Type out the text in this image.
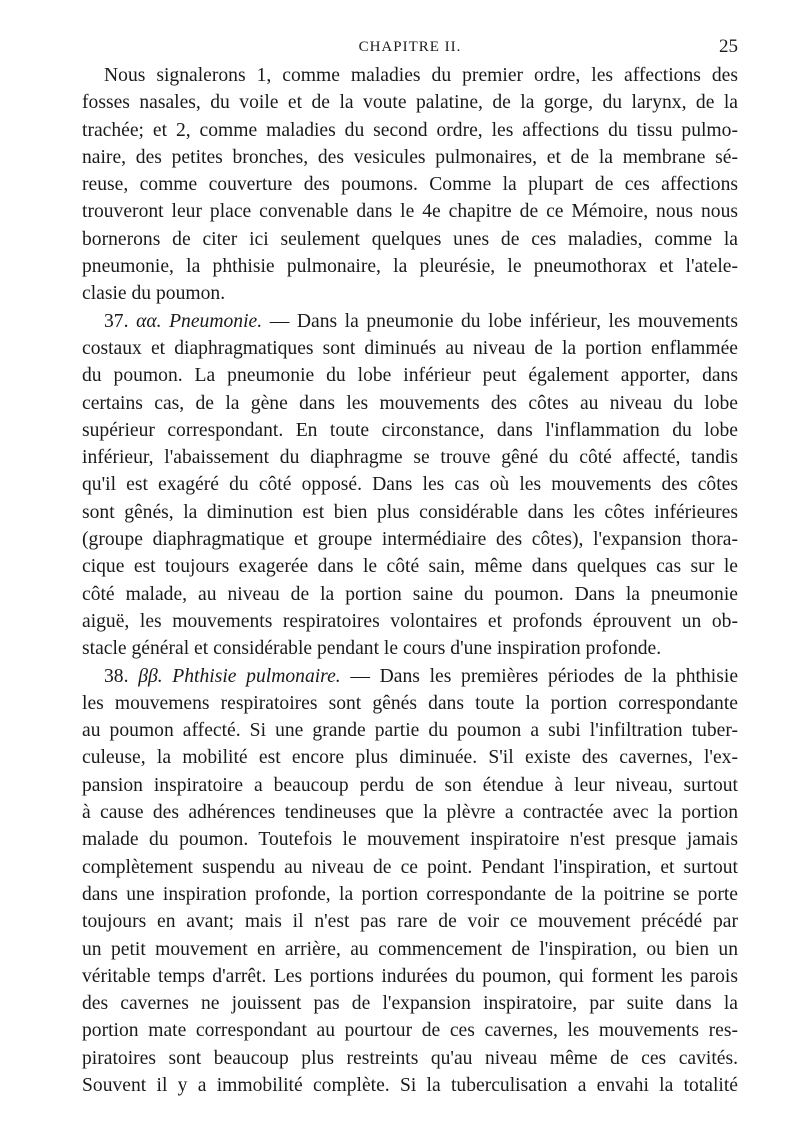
CHAPITRE II.	25
Nous signalerons 1, comme maladies du premier ordre, les affections des
fosses nasales, du voile et de la voute palatine, de la gorge, du larynx, de la
trachée; et 2, comme maladies du second ordre, les affections du tissu pulmo-
naire, des petites bronches, des vesicules pulmonaires, et de la membrane sé-
reuse, comme couverture des poumons. Comme la plupart de ces affections
trouveront leur place convenable dans le 4e chapitre de ce Mémoire, nous nous
bornerons de citer ici seulement quelques unes de ces maladies, comme la
pneumonie, la phthisie pulmonaire, la pleurésie, le pneumothorax et l'atele-
clasie du poumon.
37. αα. Pneumonie. — Dans la pneumonie du lobe inférieur, les mouvements
costaux et diaphragmatiques sont diminués au niveau de la portion enflammée
du poumon. La pneumonie du lobe inférieur peut également apporter, dans
certains cas, de la gène dans les mouvements des côtes au niveau du lobe
supérieur correspondant. En toute circonstance, dans l'inflammation du lobe
inférieur, l'abaissement du diaphragme se trouve gêné du côté affecté, tandis
qu'il est exagéré du côté opposé. Dans les cas où les mouvements des côtes
sont gênés, la diminution est bien plus considérable dans les côtes inférieures
(groupe diaphragmatique et groupe intermédiaire des côtes), l'expansion thora-
cique est toujours exagerée dans le côté sain, même dans quelques cas sur le
côté malade, au niveau de la portion saine du poumon. Dans la pneumonie
aiguë, les mouvements respiratoires volontaires et profonds éprouvent un ob-
stacle général et considérable pendant le cours d'une inspiration profonde.
38. ββ. Phthisie pulmonaire. — Dans les premières périodes de la phthisie
les mouvemens respiratoires sont gênés dans toute la portion correspondante
au poumon affecté. Si une grande partie du poumon a subi l'infiltration tuber-
culeuse, la mobilité est encore plus diminuée. S'il existe des cavernes, l'ex-
pansion inspiratoire a beaucoup perdu de son étendue à leur niveau, surtout
à cause des adhérences tendineuses que la plèvre a contractée avec la portion
malade du poumon. Toutefois le mouvement inspiratoire n'est presque jamais
complètement suspendu au niveau de ce point. Pendant l'inspiration, et surtout
dans une inspiration profonde, la portion correspondante de la poitrine se porte
toujours en avant; mais il n'est pas rare de voir ce mouvement précédé par
un petit mouvement en arrière, au commencement de l'inspiration, ou bien un
véritable temps d'arrêt. Les portions indurées du poumon, qui forment les parois
des cavernes ne jouissent pas de l'expansion inspiratoire, par suite dans la
portion mate correspondant au pourtour de ces cavernes, les mouvements res-
piratoires sont beaucoup plus restreints qu'au niveau même de ces cavités.
Souvent il y a immobilité complète. Si la tuberculisation a envahi la totalité
